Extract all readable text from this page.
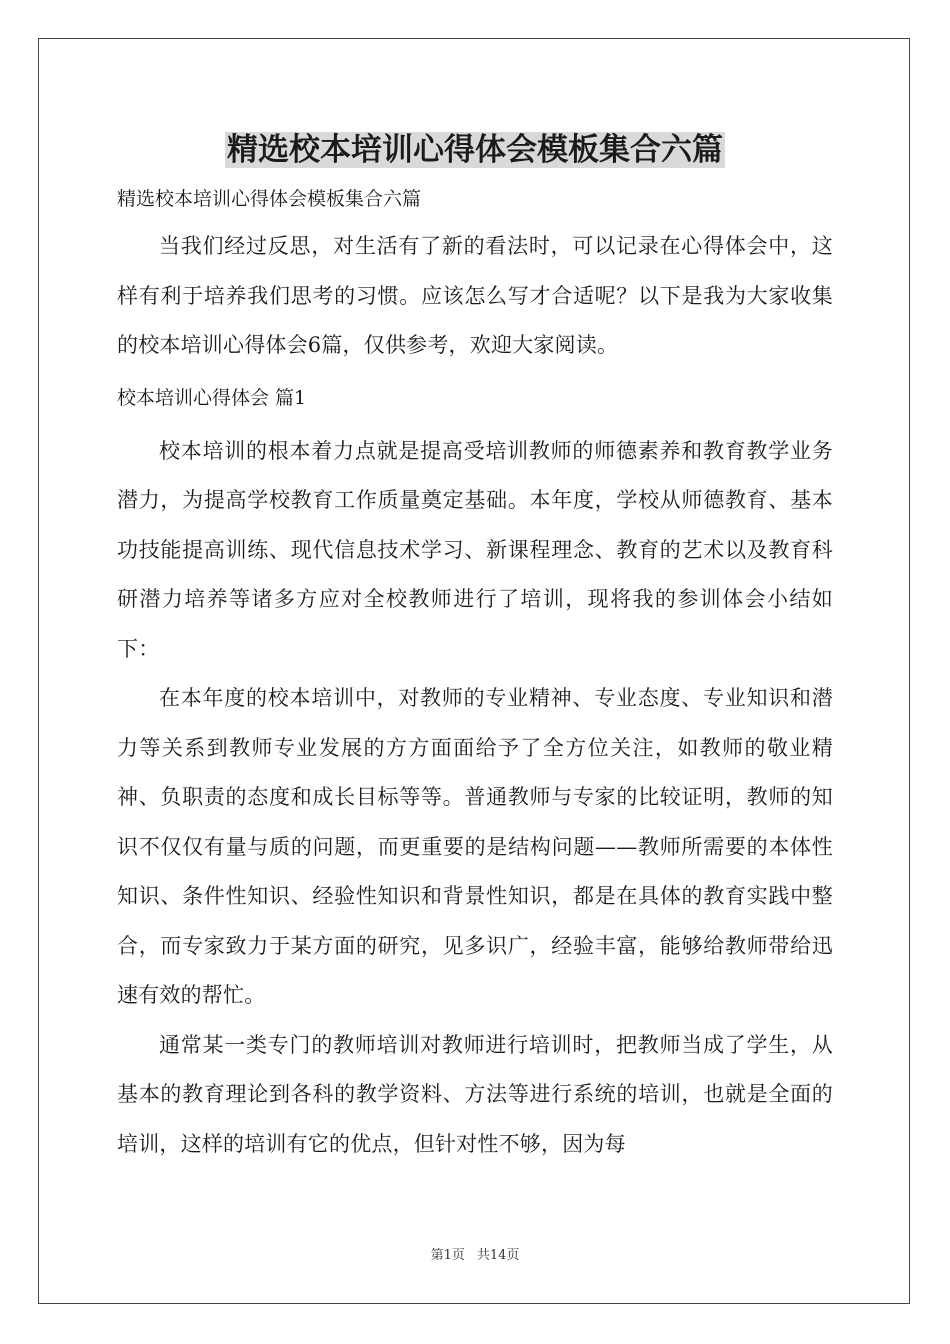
精选校本培训心得体会模板集合六篇

精选校本培训心得体会模板集合六篇

当我们经过反思，对生活有了新的看法时，可以记录在心得体会中，这样有利于培养我们思考的习惯。应该怎么写才合适呢？以下是我为大家收集的校本培训心得体会6篇，仅供参考，欢迎大家阅读。

校本培训心得体会 篇1

校本培训的根本着力点就是提高受培训教师的师德素养和教育教学业务潜力，为提高学校教育工作质量奠定基础。本年度，学校从师德教育、基本功技能提高训练、现代信息技术学习、新课程理念、教育的艺术以及教育科研潜力培养等诸多方应对全校教师进行了培训，现将我的参训体会小结如下：

在本年度的校本培训中，对教师的专业精神、专业态度、专业知识和潜力等关系到教师专业发展的方方面面给予了全方位关注，如教师的敬业精神、负职责的态度和成长目标等等。普通教师与专家的比较证明，教师的知识不仅仅有量与质的问题，而更重要的是结构问题——教师所需要的本体性知识、条件性知识、经验性知识和背景性知识，都是在具体的教育实践中整合，而专家致力于某方面的研究，见多识广，经验丰富，能够给教师带给迅速有效的帮忙。

通常某一类专门的教师培训对教师进行培训时，把教师当成了学生，从基本的教育理论到各科的教学资料、方法等进行系统的培训，也就是全面的培训，这样的培训有它的优点，但针对性不够，因为每

第1页 共14页
